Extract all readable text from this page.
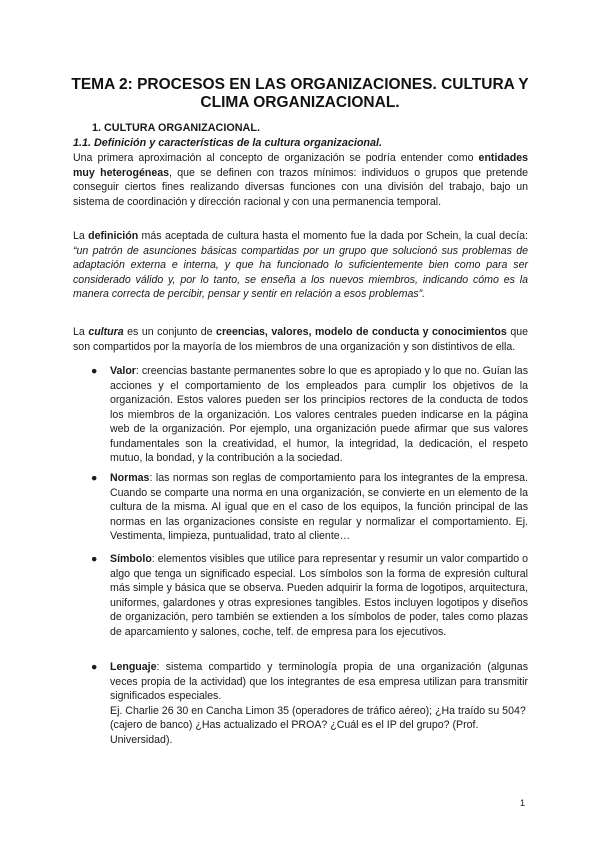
TEMA 2: PROCESOS EN LAS ORGANIZACIONES. CULTURA Y CLIMA ORGANIZACIONAL.
1. CULTURA ORGANIZACIONAL.
1.1. Definición y características de la cultura organizacional.
Una primera aproximación al concepto de organización se podría entender como entidades muy heterogéneas, que se definen con trazos mínimos: individuos o grupos que pretende conseguir ciertos fines realizando diversas funciones con una división del trabajo, bajo un sistema de coordinación y dirección racional y con una permanencia temporal.
La definición más aceptada de cultura hasta el momento fue la dada por Schein, la cual decía: “un patrón de asunciones básicas compartidas por un grupo que solucionó sus problemas de adaptación externa e interna, y que ha funcionado lo suficientemente bien como para ser considerado válido y, por lo tanto, se enseña a los nuevos miembros, indicando cómo es la manera correcta de percibir, pensar y sentir en relación a esos problemas”.
La cultura es un conjunto de creencias, valores, modelo de conducta y conocimientos que son compartidos por la mayoría de los miembros de una organización y son distintivos de ella.
● Valor: creencias bastante permanentes sobre lo que es apropiado y lo que no. Guían las acciones y el comportamiento de los empleados para cumplir los objetivos de la organización. Estos valores pueden ser los principios rectores de la conducta de todos los miembros de la organización. Los valores centrales pueden indicarse en la página web de la organización. Por ejemplo, una organización puede afirmar que sus valores fundamentales son la creatividad, el humor, la integridad, la dedicación, el respeto mutuo, la bondad, y la contribución a la sociedad.
● Normas: las normas son reglas de comportamiento para los integrantes de la empresa. Cuando se comparte una norma en una organización, se convierte en un elemento de la cultura de la misma. Al igual que en el caso de los equipos, la función principal de las normas en las organizaciones consiste en regular y normalizar el comportamiento. Ej. Vestimenta, limpieza, puntualidad, trato al cliente…
● Símbolo: elementos visibles que utilice para representar y resumir un valor compartido o algo que tenga un significado especial. Los símbolos son la forma de expresión cultural más simple y básica que se observa. Pueden adquirir la forma de logotipos, arquitectura, uniformes, galardones y otras expresiones tangibles. Estos incluyen logotipos y diseños de organización, pero también se extienden a los símbolos de poder, tales como plazas de aparcamiento y salones, coche, telf. de empresa para los ejecutivos.
● Lenguaje: sistema compartido y terminología propia de una organización (algunas veces propia de la actividad) que los integrantes de esa empresa utilizan para transmitir significados especiales.
Ej. Charlie 26 30 en Cancha Limon 35 (operadores de tráfico aéreo); ¿Ha traído su 504? (cajero de banco) ¿Has actualizado el PROA? ¿Cuál es el IP del grupo? (Prof. Universidad).
1
